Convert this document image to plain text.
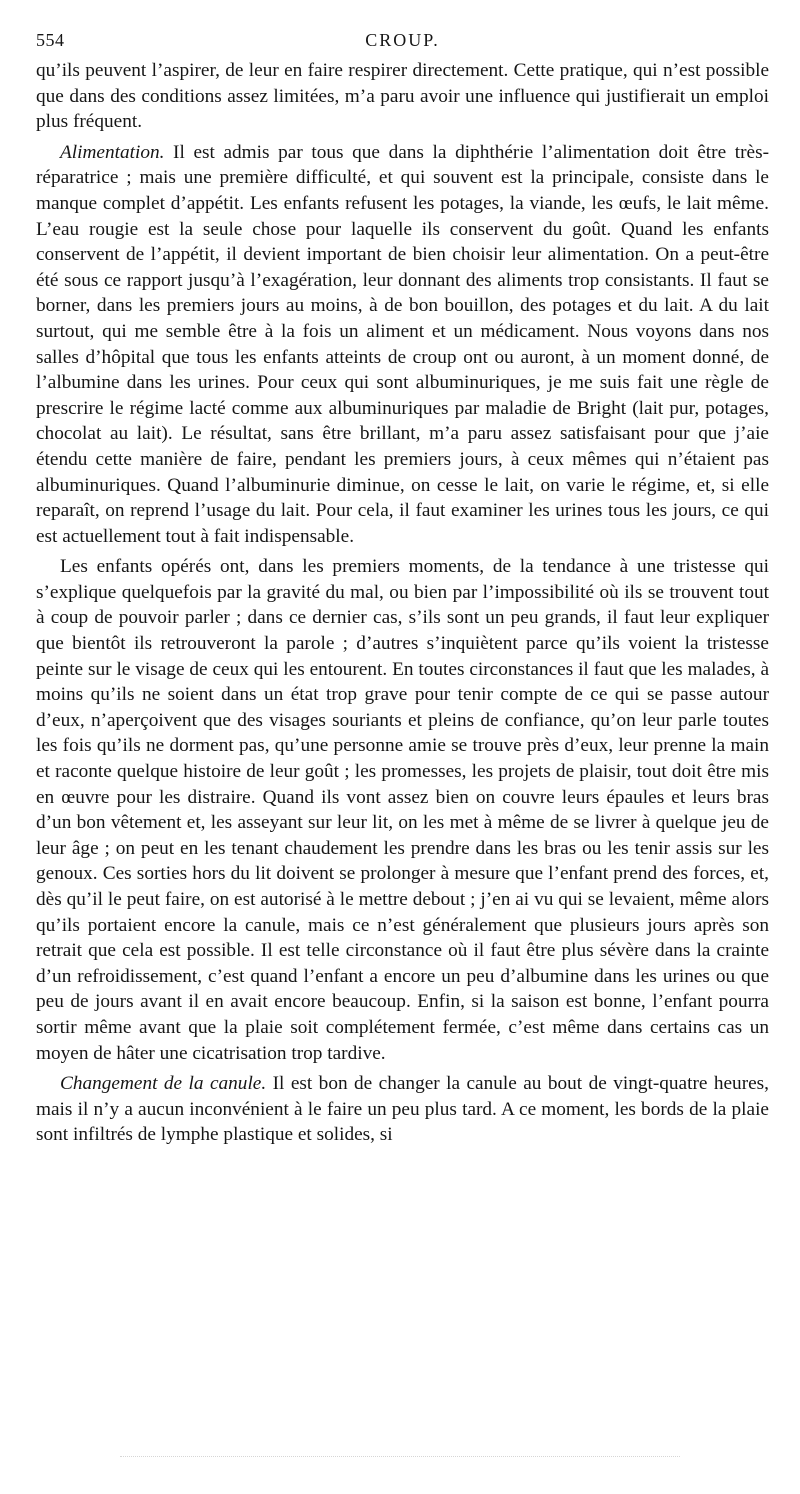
554	CROUP.

qu’ils peuvent l’aspirer, de leur en faire respirer directement. Cette pratique, qui n’est possible que dans des conditions assez limitées, m’a paru avoir une influence qui justifierait un emploi plus fréquent.

Alimentation. Il est admis par tous que dans la diphthérie l’alimentation doit être très-réparatrice ; mais une première difficulté, et qui souvent est la principale, consiste dans le manque complet d’appétit. Les enfants refusent les potages, la viande, les œufs, le lait même. L’eau rougie est la seule chose pour laquelle ils conservent du goût. Quand les enfants conservent de l’appétit, il devient important de bien choisir leur alimentation. On a peut-être été sous ce rapport jusqu’à l’exagération, leur donnant des aliments trop consistants. Il faut se borner, dans les premiers jours au moins, à de bon bouillon, des potages et du lait. A du lait surtout, qui me semble être à la fois un aliment et un médicament. Nous voyons dans nos salles d’hôpital que tous les enfants atteints de croup ont ou auront, à un moment donné, de l’albumine dans les urines. Pour ceux qui sont albuminuriques, je me suis fait une règle de prescrire le régime lacté comme aux albuminuriques par maladie de Bright (lait pur, potages, chocolat au lait). Le résultat, sans être brillant, m’a paru assez satisfaisant pour que j’aie étendu cette manière de faire, pendant les premiers jours, à ceux mêmes qui n’étaient pas albuminuriques. Quand l’albuminurie diminue, on cesse le lait, on varie le régime, et, si elle reparaît, on reprend l’usage du lait. Pour cela, il faut examiner les urines tous les jours, ce qui est actuellement tout à fait indispensable.

Les enfants opérés ont, dans les premiers moments, de la tendance à une tristesse qui s’explique quelquefois par la gravité du mal, ou bien par l’impossibilité où ils se trouvent tout à coup de pouvoir parler ; dans ce dernier cas, s’ils sont un peu grands, il faut leur expliquer que bientôt ils retrouveront la parole ; d’autres s’inquiètent parce qu’ils voient la tristesse peinte sur le visage de ceux qui les entourent. En toutes circonstances il faut que les malades, à moins qu’ils ne soient dans un état trop grave pour tenir compte de ce qui se passe autour d’eux, n’aperçoivent que des visages souriants et pleins de confiance, qu’on leur parle toutes les fois qu’ils ne dorment pas, qu’une personne amie se trouve près d’eux, leur prenne la main et raconte quelque histoire de leur goût ; les promesses, les projets de plaisir, tout doit être mis en œuvre pour les distraire. Quand ils vont assez bien on couvre leurs épaules et leurs bras d’un bon vêtement et, les asseyant sur leur lit, on les met à même de se livrer à quelque jeu de leur âge ; on peut en les tenant chaudement les prendre dans les bras ou les tenir assis sur les genoux. Ces sorties hors du lit doivent se prolonger à mesure que l’enfant prend des forces, et, dès qu’il le peut faire, on est autorisé à le mettre debout ; j’en ai vu qui se levaient, même alors qu’ils portaient encore la canule, mais ce n’est généralement que plusieurs jours après son retrait que cela est possible. Il est telle circonstance où il faut être plus sévère dans la crainte d’un refroidissement, c’est quand l’enfant a encore un peu d’albumine dans les urines ou que peu de jours avant il en avait encore beaucoup. Enfin, si la saison est bonne, l’enfant pourra sortir même avant que la plaie soit complétement fermée, c’est même dans certains cas un moyen de hâter une cicatrisation trop tardive.

Changement de la canule. Il est bon de changer la canule au bout de vingt-quatre heures, mais il n’y a aucun inconvénient à le faire un peu plus tard. A ce moment, les bords de la plaie sont infiltrés de lymphe plastique et solides, si
